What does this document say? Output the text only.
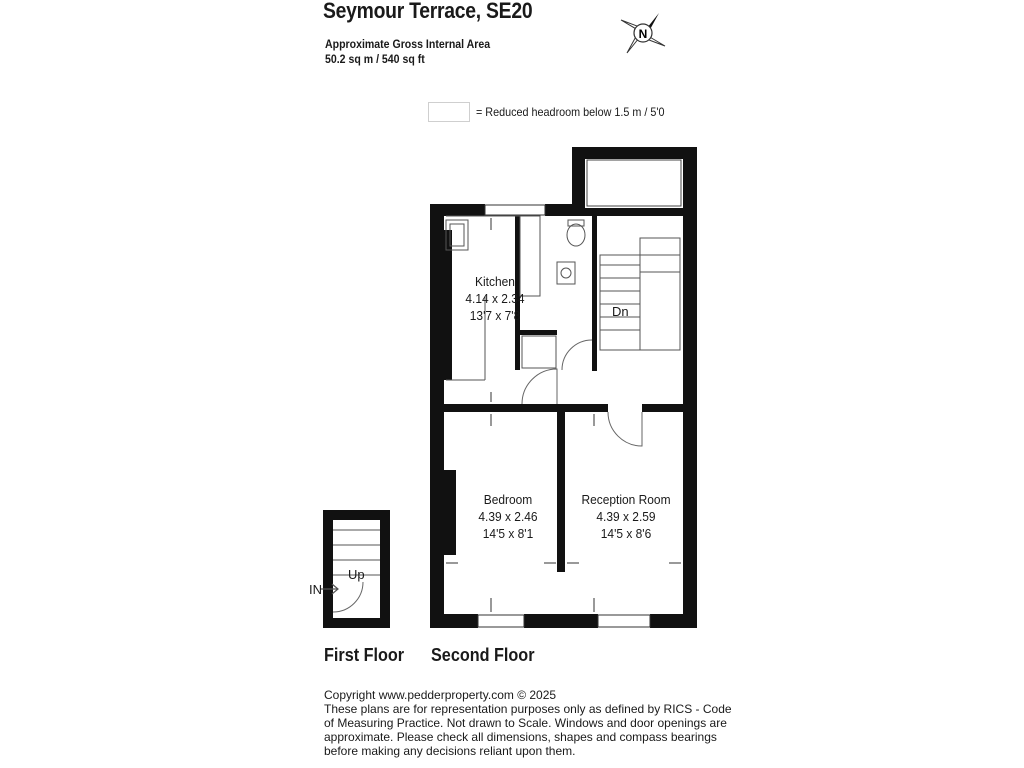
Seymour Terrace, SE20
Approximate Gross Internal Area
50.2 sq m / 540 sq ft
N
= Reduced headroom below 1.5 m / 5'0
Kitchen
4.14 x 2.34
13'7 x 7'8
Bedroom
4.39 x 2.46
14'5 x 8'1
Reception Room
4.39 x 2.59
14'5 x 8'6
Dn
Up
IN
First Floor Second Floor

Copyright www.pedderproperty.com © 2025

These plans are for representation purposes only as defined by RICS - Code of Measuring Practice. Not drawn to Scale. Windows and door openings are approximate. Please check all dimensions, shapes and compass bearings before making any decisions reliant upon them.
